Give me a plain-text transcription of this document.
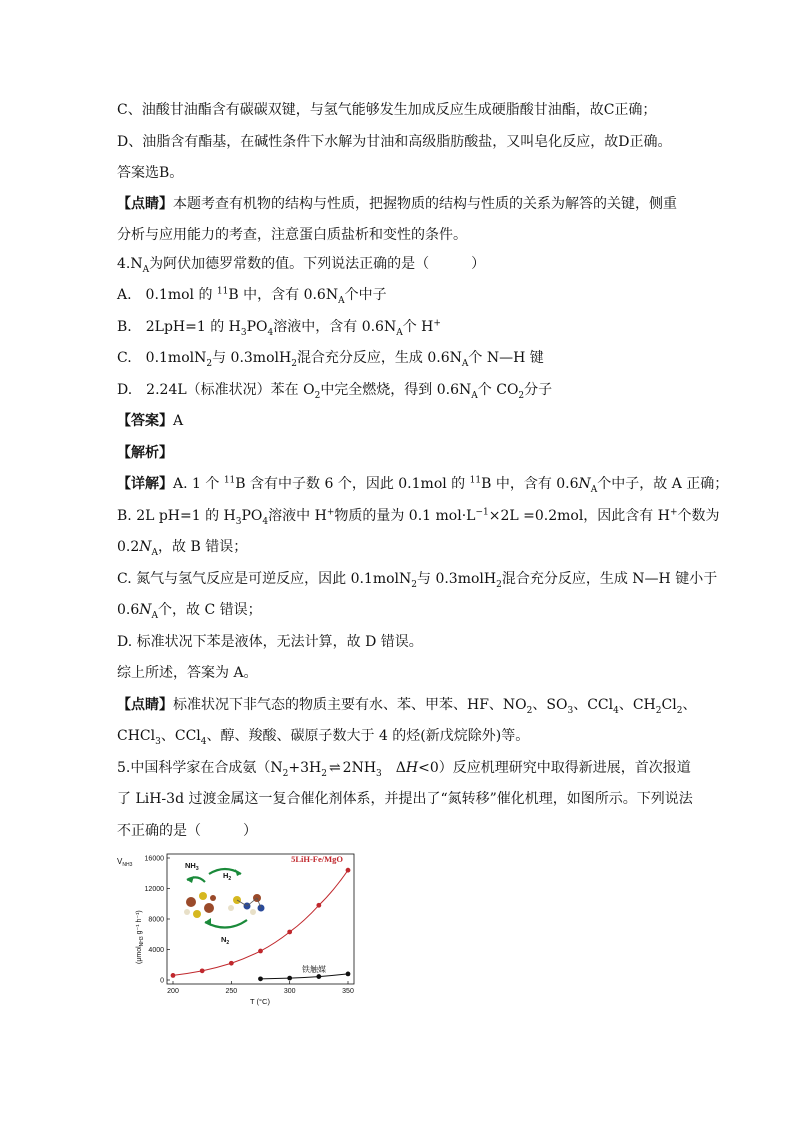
C、油酸甘油酯含有碳碳双键，与氢气能够发生加成反应生成硬脂酸甘油酯，故C正确；

D、油脂含有酯基，在碱性条件下水解为甘油和高级脂肪酸盐，又叫皂化反应，故D正确。

答案选B。

【点睛】本题考查有机物的结构与性质，把握物质的结构与性质的关系为解答的关键，侧重分析与应用能力的考查，注意蛋白质盐析和变性的条件。

$4.N_A$为阿伏加德罗常数的值。下列说法正确的是（　　　）

A.　0.1mol 的 $^{11}$B 中，含有 $0.6N_A$个中子

B.　2LpH=1 的 $H_3PO_4$溶液中，含有 $0.6N_A$个 H+

C.　0.1molN$_2$与 0.3molH$_2$混合充分反应，生成 $0.6N_A$个 N—H 键

D.　2.24L（标准状况）苯在 $O_2$中完全燃烧，得到 $0.6N_A$个 $CO_2$分子

【答案】A

【解析】

【详解】A. 1 个 $^{11}$B 含有中子数 6 个，因此 0.1mol 的 $^{11}$B 中，含有 $0.6N_A$个中子，故 A 正确；

B. 2L pH=1 的 $H_3PO_4$溶液中 H+物质的量为 0.1 $mol\cdot L^{-1}\times 2L =0.2mol$，因此含有 H+个数为

$0.2N_A$，故 B 错误；

C. 氮气与氢气反应是可逆反应，因此 0.1molN$_2$与 0.3molH$_2$混合充分反应，生成 N—H 键小于

$0.6N_A$个，故 C 错误；

D. 标准状况下苯是液体，无法计算，故 D 错误。

综上所述，答案为 A。

【点睛】标准状况下非气态的物质主要有水、苯、甲苯、HF、$NO_2$、$SO_3$、CCl$_4$、$CH_2Cl_2$、

CHCl$_3$、CCl$_4$、醇、羧酸、碳原子数大于 4 的烃(新戊烷除外)等。

5.中国科学家在合成氨（$N_2+3H_2$ ⇌ $2NH_3$　ΔH<0）反应机理研究中取得新进展，首次报道

了 LiH-3d 过渡金属这一复合催化剂体系，并提出了“氮转移”催化机理，如图所示。下列说法

不正确的是（　　　）

$V_{NH3}$
(μmol$_{NH3}$ g⁻¹ h⁻¹)
0
4000
8000
12000
16000
200	250	300	350
5LiH-Fe/MgO
铁触媒
T (°C)
$NH_3$
$H_2$
$N_2$
